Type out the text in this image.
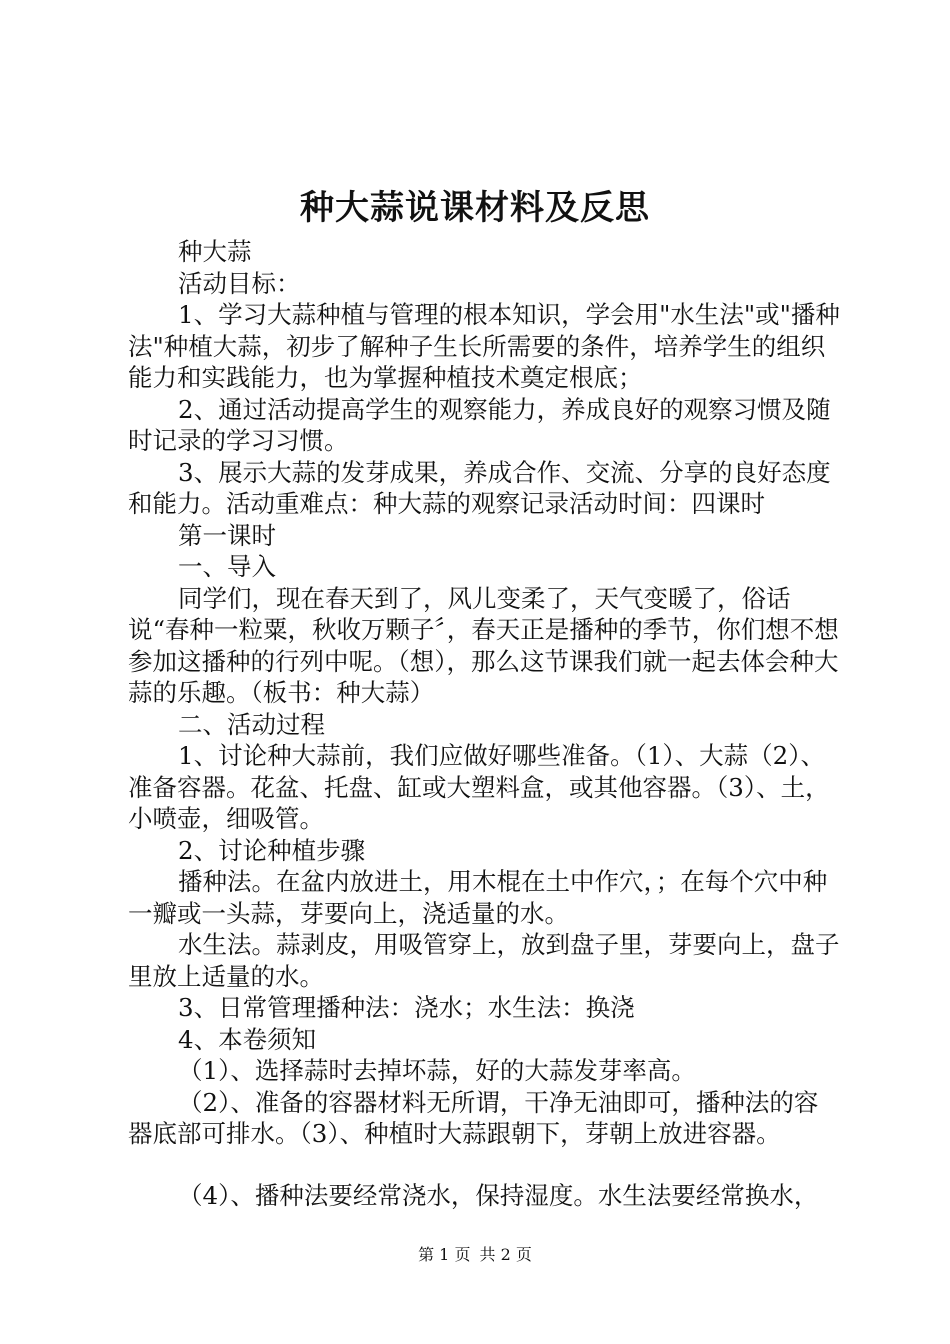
种大蒜说课材料及反思

种大蒜

活动目标：

1、学习大蒜种植与管理的根本知识，学会用"水生法"或"播种法"种植大蒜，初步了解种子生长所需要的条件，培养学生的组织能力和实践能力，也为掌握种植技术奠定根底；

2、通过活动提高学生的观察能力，养成良好的观察习惯及随时记录的学习习惯。

3、展示大蒜的发芽成果，养成合作、交流、分享的良好态度和能力。活动重难点：种大蒜的观察记录活动时间：四课时

第一课时

一、导入

同学们，现在春天到了，风儿变柔了，天气变暖了，俗话说“春种一粒粟，秋收万颗子〞，春天正是播种的季节，你们想不想参加这播种的行列中呢。（想），那么这节课我们就一起去体会种大蒜的乐趣。（板书：种大蒜）

二、活动过程

1、讨论种大蒜前，我们应做好哪些准备。（1）、大蒜（2）、准备容器。花盆、托盘、缸或大塑料盒，或其他容器。（3）、土，小喷壶，细吸管。

2、讨论种植步骤

播种法。在盆内放进土，用木棍在土中作穴，；在每个穴中种一瓣或一头蒜，芽要向上，浇适量的水。

水生法。蒜剥皮，用吸管穿上，放到盘子里，芽要向上，盘子里放上适量的水。

3、日常管理播种法：浇水；水生法：换浇

4、本卷须知

（1）、选择蒜时去掉坏蒜，好的大蒜发芽率高。

（2）、准备的容器材料无所谓，干净无油即可，播种法的容器底部可排水。（3）、种植时大蒜跟朝下，芽朝上放进容器。

（4）、播种法要经常浇水，保持湿度。水生法要经常换水，

第 1 页 共 2 页
